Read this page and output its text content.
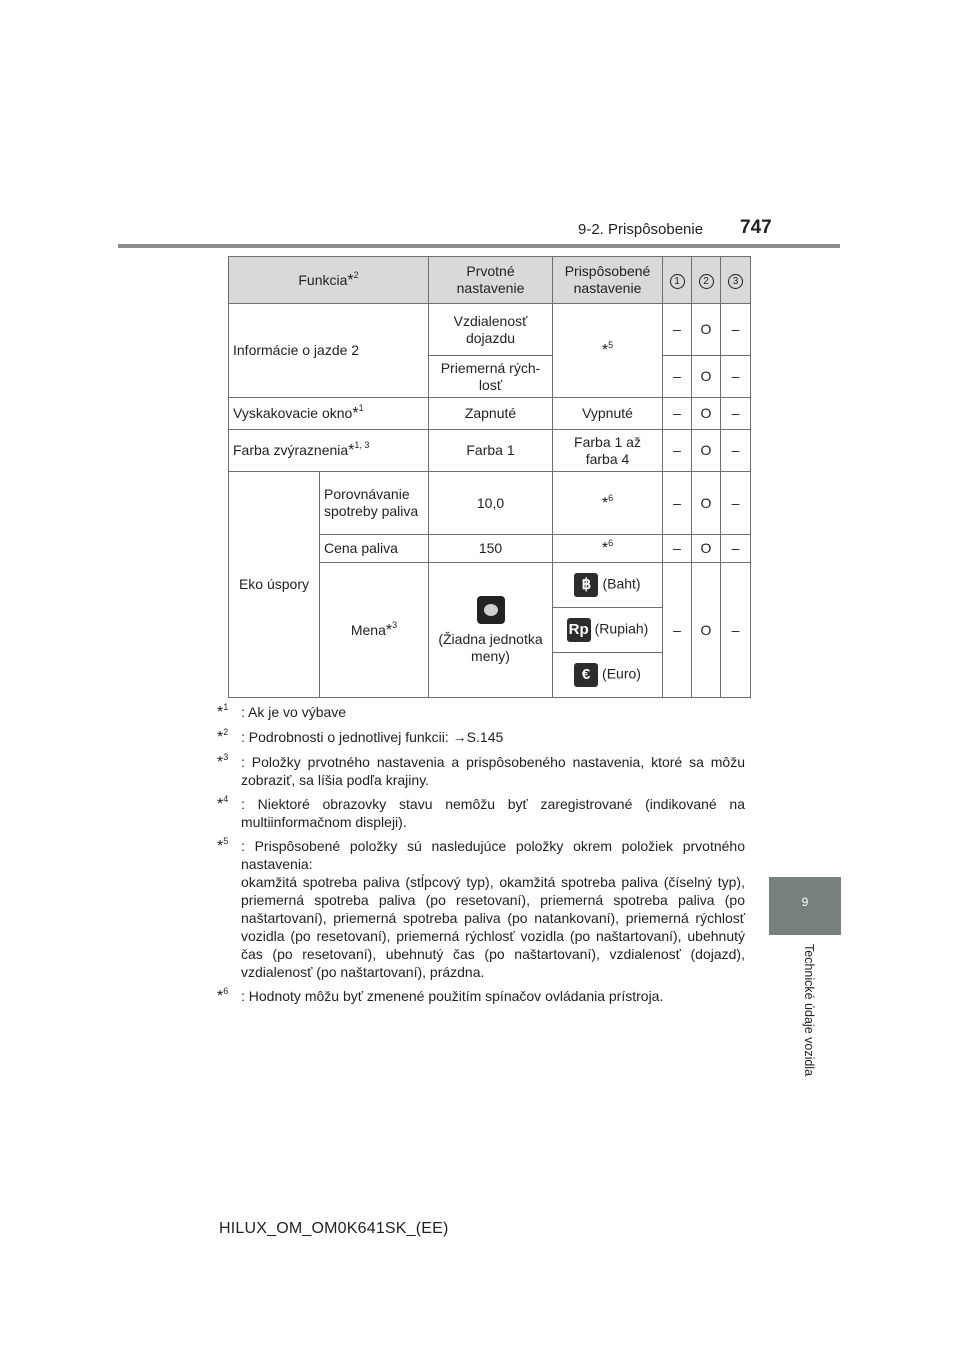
9-2. Prispôsobenie 747
9
Technické údaje vozidla
Funkcia*$^2$		Prvotné nastavenie	Prispôsobené nastavenie	1	2	3
Informácie o jazde 2		Vzdialenosť dojazdu	*$^5$	–	O	–
		Priemerná rých-losť		–	O	–
Vyskakovacie okno*$^1$		Zapnuté	Vypnuté	–	O	–
Farba zvýraznenia*$^{1, 3}$		Farba 1	Farba 1 až farba 4	–	O	–
Eko úspory	Porovnávanie spotreby paliva	10,0	*$^6$	–	O	–
	Cena paliva	150	*$^6$	–	O	–
	Mena*$^3$	(Žiadna jednotka meny)	฿ (Baht)	–	O	–
			Rp (Rupiah)			
			€ (Euro)			
*$^1$ : Ak je vo výbave
*$^2$ : Podrobnosti o jednotlivej funkcii: →S.145
*$^3$ : Položky prvotného nastavenia a prispôsobeného nastavenia, ktoré sa môžu zobraziť, sa líšia podľa krajiny.
*$^4$ : Niektoré obrazovky stavu nemôžu byť zaregistrované (indikované na multiinformačnom displeji).
*$^5$ : Prispôsobené položky sú nasledujúce položky okrem položiek prvotného nastavenia:
okamžitá spotreba paliva (stĺpcový typ), okamžitá spotreba paliva (číselný typ), priemerná spotreba paliva (po resetovaní), priemerná spotreba paliva (po naštartovaní), priemerná spotreba paliva (po natankovaní), priemerná rýchlosť vozidla (po resetovaní), priemerná rýchlosť vozidla (po naštartovaní), ubehnutý čas (po resetovaní), ubehnutý čas (po naštartovaní), vzdialenosť (dojazd), vzdialenosť (po naštartovaní), prázdna.
*$^6$ : Hodnoty môžu byť zmenené použitím spínačov ovládania prístroja.
HILUX_OM_OM0K641SK_(EE)
